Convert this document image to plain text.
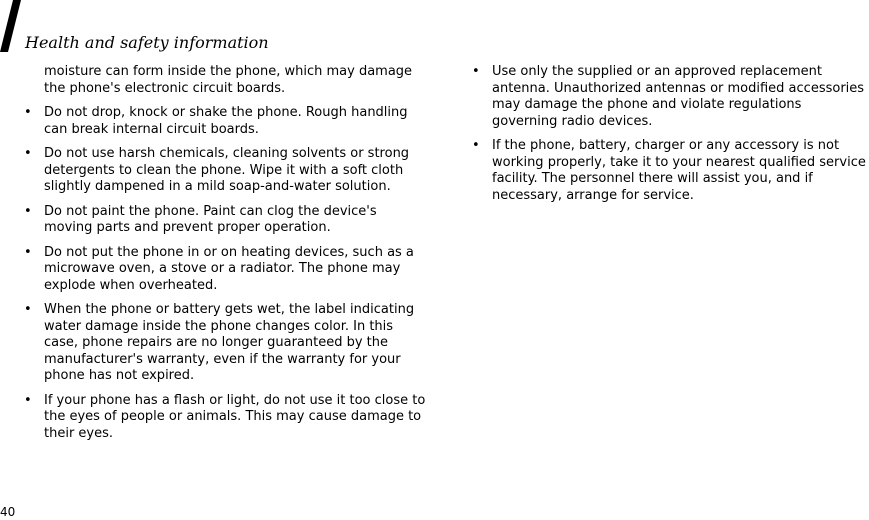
Health and safety information
moisture can form inside the phone, which may damage the phone's electronic circuit boards.
• Do not drop, knock or shake the phone. Rough handling can break internal circuit boards.
• Do not use harsh chemicals, cleaning solvents or strong detergents to clean the phone. Wipe it with a soft cloth slightly dampened in a mild soap-and-water solution.
• Do not paint the phone. Paint can clog the device's moving parts and prevent proper operation.
• Do not put the phone in or on heating devices, such as a microwave oven, a stove or a radiator. The phone may explode when overheated.
• When the phone or battery gets wet, the label indicating water damage inside the phone changes color. In this case, phone repairs are no longer guaranteed by the manufacturer's warranty, even if the warranty for your phone has not expired.
• If your phone has a flash or light, do not use it too close to the eyes of people or animals. This may cause damage to their eyes.
• Use only the supplied or an approved replacement antenna. Unauthorized antennas or modified accessories may damage the phone and violate regulations governing radio devices.
• If the phone, battery, charger or any accessory is not working properly, take it to your nearest qualified service facility. The personnel there will assist you, and if necessary, arrange for service.
40
